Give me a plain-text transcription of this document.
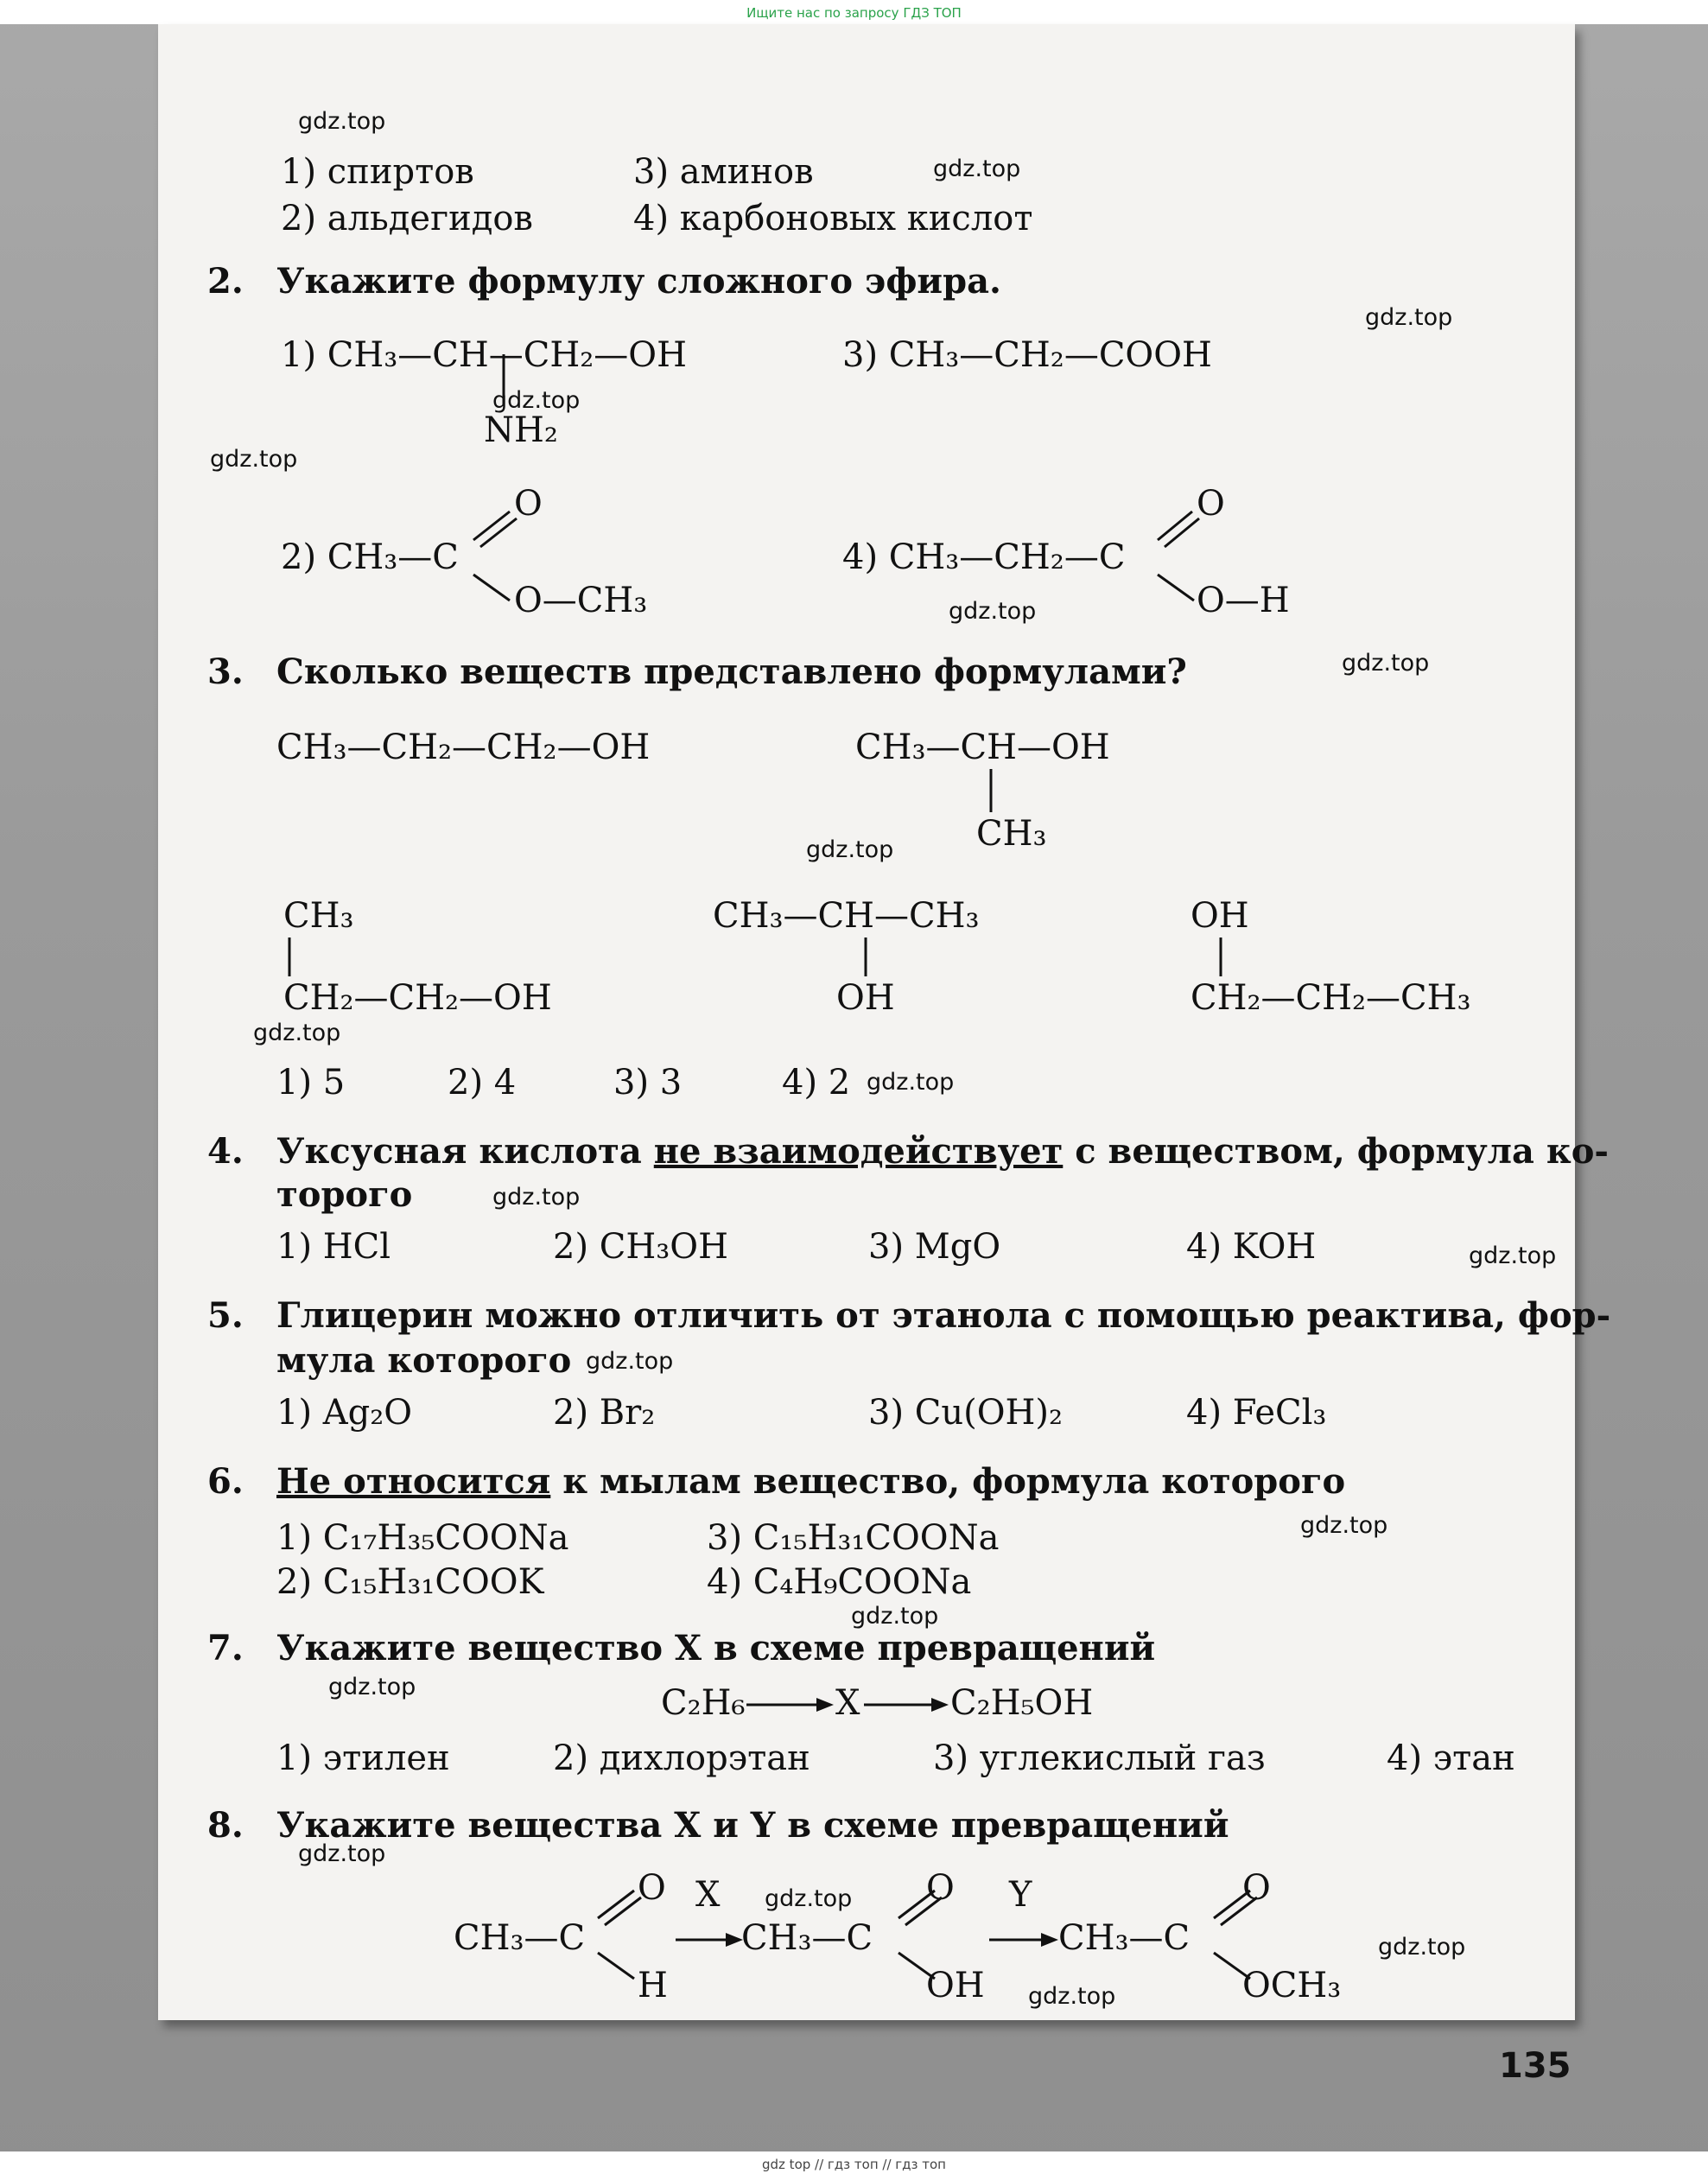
Ищите нас по запросу ГДЗ ТОП
gdz top // гдз топ // гдз топ
1) спиртов	3) аминов
2) альдегидов	4) карбоновых кислот
2. Укажите формулу сложного эфира.
1) CH₃—CH—CH₂—OH
NH₂
3) CH₃—CH₂—COOH
2) CH₃—C
O
O—CH₃
4) CH₃—CH₂—C
O
O—H
3. Сколько веществ представлено формулами?
CH₃—CH₂—CH₂—OH	CH₃—CH—OH
CH₃
CH₃
CH₂—CH₂—OH
CH₃—CH—CH₃
OH
OH
CH₂—CH₂—CH₃
1) 5	2) 4	3) 3	4) 2
4. Уксусная кислота не взаимодействует с веществом, формула ко-
торого
1) HCl	2) CH₃OH	3) MgO	4) KOH
5. Глицерин можно отличить от этанола с помощью реактива, фор-
мула которого
1) Ag₂O	2) Br₂	3) Cu(OH)₂	4) FeCl₃
6. Не относится к мылам вещество, формула которого
1) C₁₇H₃₅COONa	3) C₁₅H₃₁COONa
2) C₁₅H₃₁COOK	4) C₄H₉COONa
7. Укажите вещество X в схеме превращений
C₂H₆	X	C₂H₅OH
1) этилен	2) дихлорэтан	3) углекислый газ	4) этан
8. Укажите вещества X и Y в схеме превращений
CH₃—C
O
H
X
CH₃—C
O
OH
Y
CH₃—C
O
OCH₃
135
gdz.top
gdz.top
gdz.top
gdz.top
gdz.top
gdz.top
gdz.top
gdz.top
gdz.top
gdz.top
gdz.top
gdz.top
gdz.top
gdz.top
gdz.top
gdz.top
gdz.top
gdz.top
gdz.top
gdz.top
